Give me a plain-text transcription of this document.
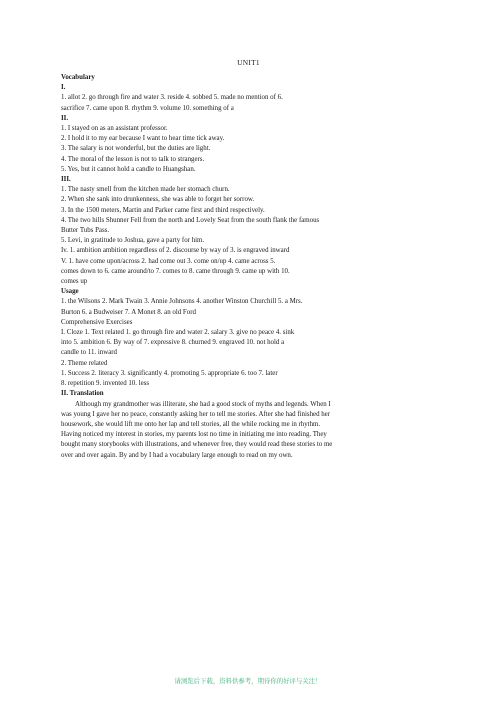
UNIT1

Vocabulary

I.

1. allot 2. go through fire and water 3. reside 4. sobbed 5. made no mention of 6.

sacrifice 7. came upon 8. rhythm 9. volume 10. something of a

II.

1. I stayed on as an assistant professor.

2. I hold it to my ear because I want to hear time tick away.

3. The salary is not wonderful, but the duties are light.

4. The moral of the lesson is not to talk to strangers.

5. Yes, but it cannot hold a candle to Huangshan.

III.

1. The nasty smell from the kitchen made her stomach churn.

2. When she sank into drunkenness, she was able to forget her sorrow.

3. In the 1500 meters, Martin and Parker came first and third respectively.

4. The two hills Shunner Fell from the north and Lovely Seat from the south flank the famous

Butter Tubs Pass.

5. Levi, in gratitude to Joshua, gave a party for him.

Iv. 1. ambition ambition regardless of 2. discourse by way of 3. is engraved inward

V. 1. have come upon/across 2. had come out 3. come on/up 4. came across 5.

comes down to 6. came around/to 7. comes to 8. came through 9. came up with 10.

comes up

Usage

1. the Wilsons 2. Mark Twain 3. Annie Johnsons 4. another Winston Churchill 5. a Mrs.

Burton 6. a Budweiser 7. A Monet 8. an old Ford

Comprehensive Exercises

I. Cloze 1. Text related 1. go through fire and water 2. salary 3. give no peace 4. sink

into 5. ambition 6. By way of 7. expressive 8. churned 9. engraved 10. not hold a

candle to 11. inward

2. Theme related

1. Success 2. literacy 3. significantly 4. promoting 5. appropriate 6. too 7. later

8. repetition 9. invented 10. less

II. Translation

Although my grandmother was illiterate, she had a good stock of myths and legends. When I

was young I gave her no peace, constantly asking her to tell me stories. After she had finished her

housework, she would lift me onto her lap and tell stories, all the while rocking me in rhythm.

Having noticed my interest in stories, my parents lost no time in initiating me into reading. They

bought many storybooks with illustrations, and whenever free, they would read these stories to me

over and over again. By and by I had a vocabulary large enough to read on my own.

请浏览后下载，资料供参考，期待你的好评与关注！
